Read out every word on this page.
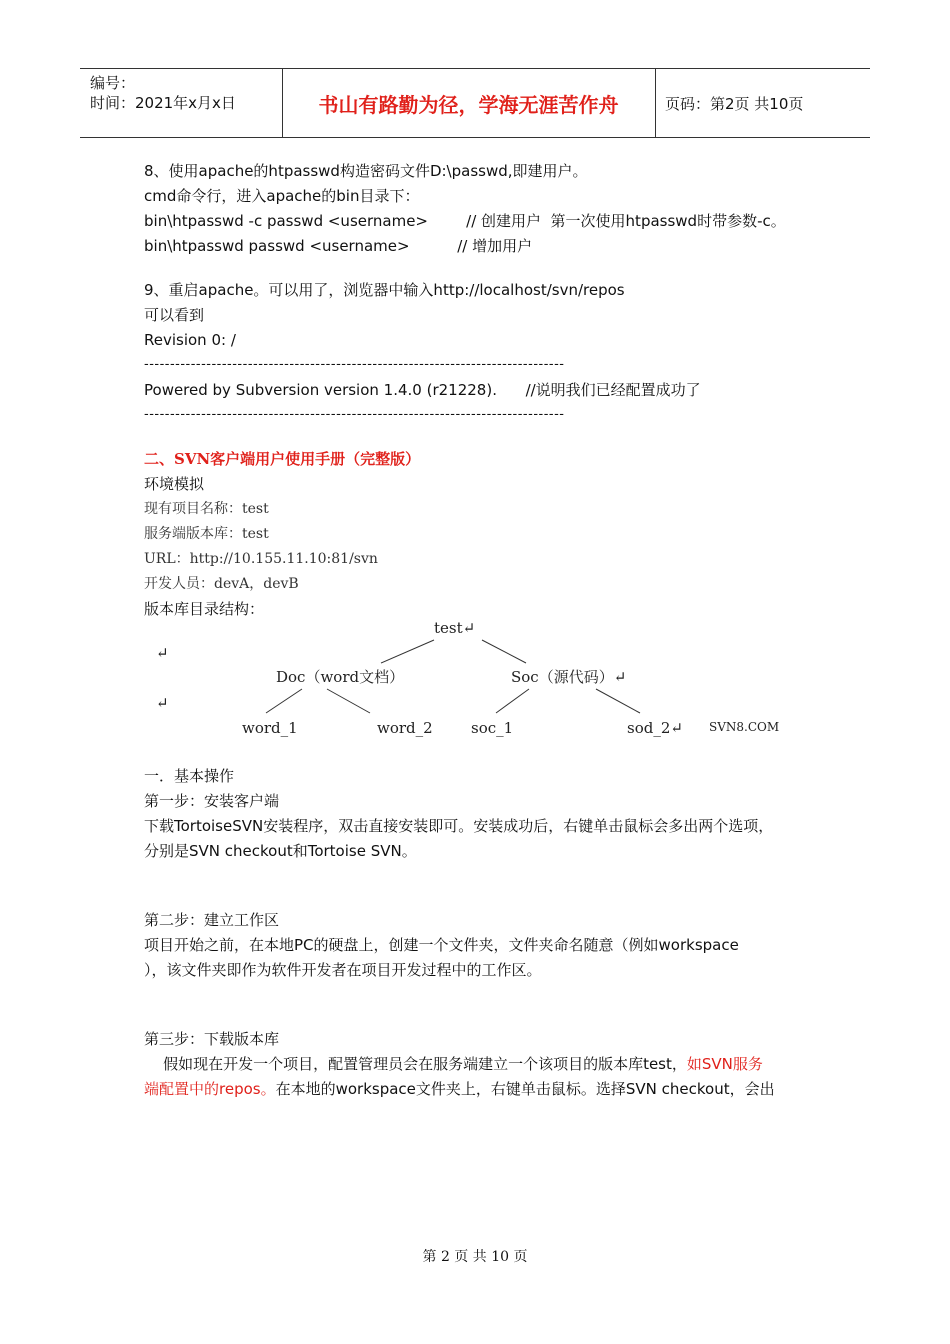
编号：
时间：2021年x月x日	书山有路勤为径，学海无涯苦作舟	页码：第2页 共10页
8、使用apache的htpasswd构造密码文件D:\passwd,即建用户。
cmd命令行，进入apache的bin目录下：
bin\htpasswd -c passwd <username>        // 创建用户  第一次使用htpasswd时带参数-c。
bin\htpasswd passwd <username>          // 增加用户
9、重启apache。可以用了，浏览器中输入http://localhost/svn/repos
可以看到
Revision 0: /
---------------------------------------------------------------------------------
Powered by Subversion version 1.4.0 (r21228).      //说明我们已经配置成功了
---------------------------------------------------------------------------------
二、SVN客户端用户使用手册（完整版）
环境模拟
现有项目名称：test
服务端版本库：test
URL：http://10.155.11.10:81/svn
开发人员：devA，devB
版本库目录结构：
test↵
↵
Doc（word文档）	Soc（源代码）↵
↵
word_1	word_2	soc_1	sod_2↵ SVN8.COM
一．基本操作
第一步：安装客户端
下载TortoiseSVN安装程序，双击直接安装即可。安装成功后，右键单击鼠标会多出两个选项，
分别是SVN checkout和Tortoise SVN。
第二步：建立工作区
项目开始之前，在本地PC的硬盘上，创建一个文件夹，文件夹命名随意（例如workspace
），该文件夹即作为软件开发者在项目开发过程中的工作区。
第三步：下载版本库
假如现在开发一个项目，配置管理员会在服务端建立一个该项目的版本库test，如SVN服务
端配置中的repos。在本地的workspace文件夹上，右键单击鼠标。选择SVN checkout，会出
第 2 页 共 10 页
